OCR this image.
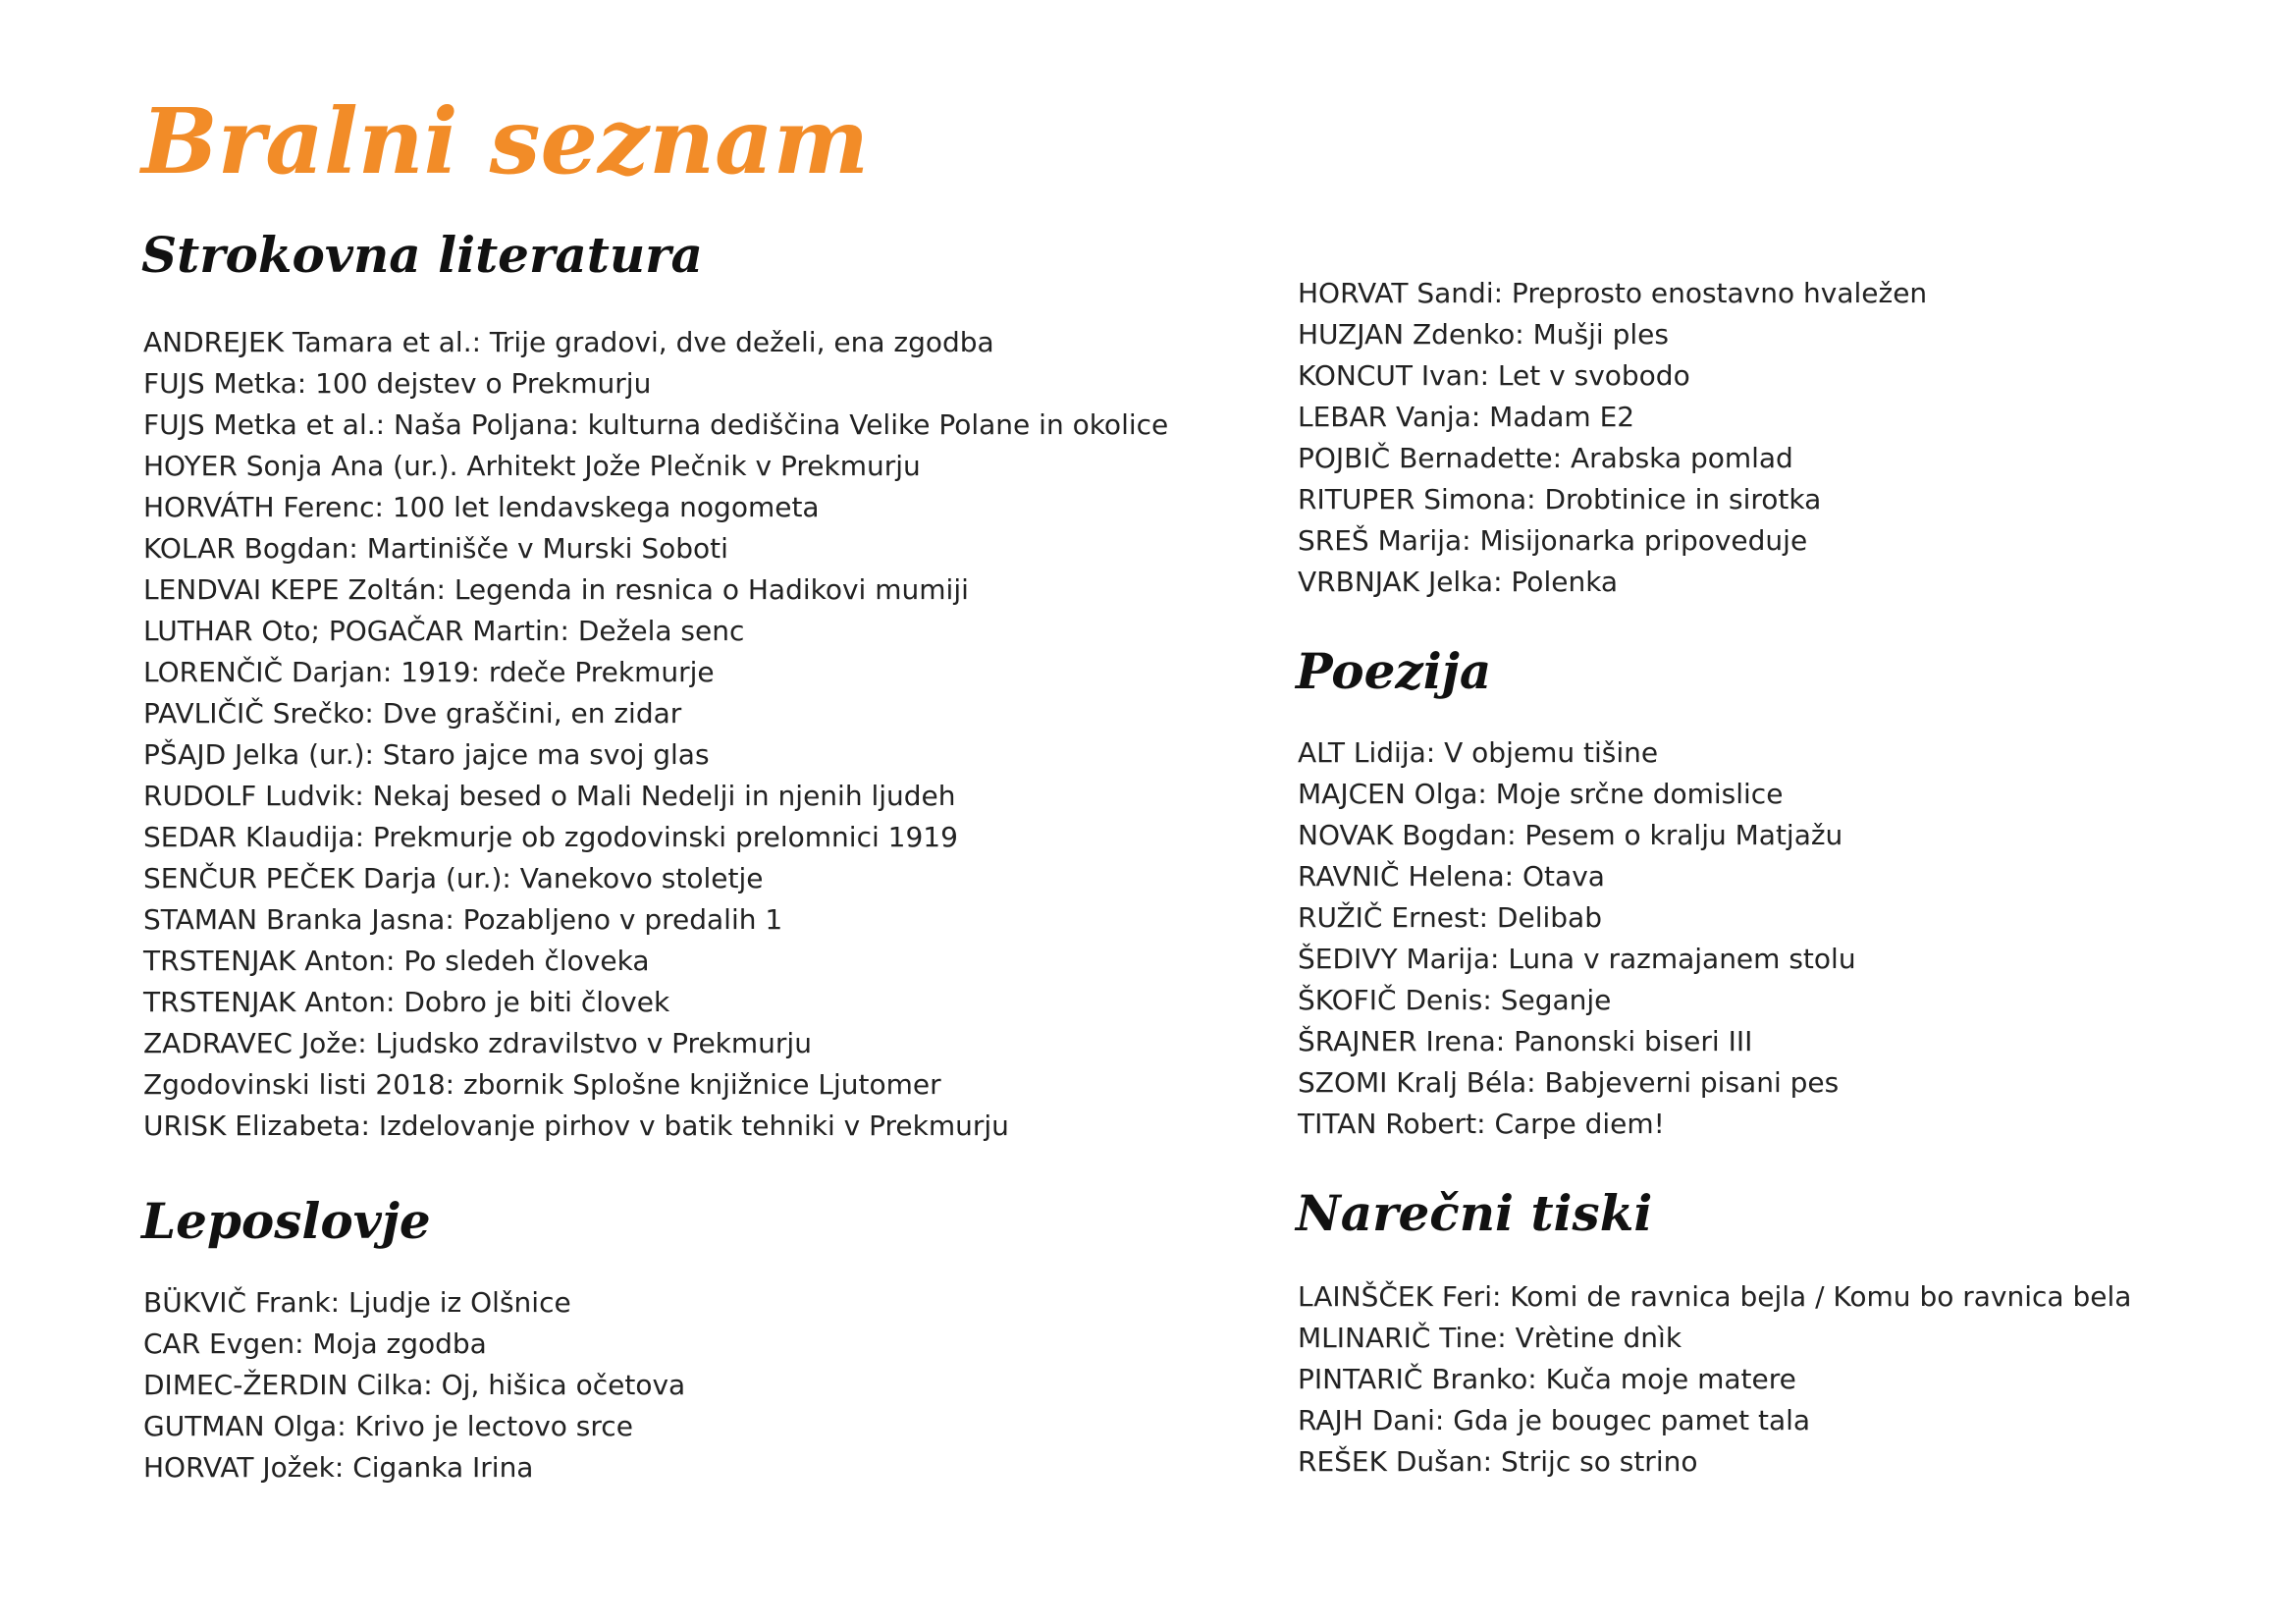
Bralni seznam
Strokovna literatura
ANDREJEK Tamara et al.: Trije gradovi, dve deželi, ena zgodba
FUJS Metka: 100 dejstev o Prekmurju
FUJS Metka et al.: Naša Poljana: kulturna dediščina Velike Polane in okolice
HOYER Sonja Ana (ur.). Arhitekt Jože Plečnik v Prekmurju
HORVÁTH Ferenc: 100 let lendavskega nogometa
KOLAR Bogdan: Martinišče v Murski Soboti
LENDVAI KEPE Zoltán: Legenda in resnica o Hadikovi mumiji
LUTHAR Oto; POGAČAR Martin: Dežela senc
LORENČIČ Darjan: 1919: rdeče Prekmurje
PAVLIČIČ Srečko: Dve graščini, en zidar
PŠAJD Jelka (ur.): Staro jajce ma svoj glas
RUDOLF Ludvik: Nekaj besed o Mali Nedelji in njenih ljudeh
SEDAR Klaudija: Prekmurje ob zgodovinski prelomnici 1919
SENČUR PEČEK Darja (ur.): Vanekovo stoletje
STAMAN Branka Jasna: Pozabljeno v predalih 1
TRSTENJAK Anton: Po sledeh človeka
TRSTENJAK Anton: Dobro je biti človek
ZADRAVEC Jože: Ljudsko zdravilstvo v Prekmurju
Zgodovinski listi 2018: zbornik Splošne knjižnice Ljutomer
URISK Elizabeta: Izdelovanje pirhov v batik tehniki v Prekmurju
Leposlovje
BÜKVIČ Frank: Ljudje iz Olšnice
CAR Evgen: Moja zgodba
DIMEC-ŽERDIN Cilka: Oj, hišica očetova
GUTMAN Olga: Krivo je lectovo srce
HORVAT Jožek: Ciganka Irina
HORVAT Sandi: Preprosto enostavno hvaležen
HUZJAN Zdenko: Mušji ples
KONCUT Ivan: Let v svobodo
LEBAR Vanja: Madam E2
POJBIČ Bernadette: Arabska pomlad
RITUPER Simona: Drobtinice in sirotka
SREŠ Marija: Misijonarka pripoveduje
VRBNJAK Jelka: Polenka
Poezija
ALT Lidija: V objemu tišine
MAJCEN Olga: Moje srčne domislice
NOVAK Bogdan: Pesem o kralju Matjažu
RAVNIČ Helena: Otava
RUŽIČ Ernest: Delibab
ŠEDIVY Marija: Luna v razmajanem stolu
ŠKOFIČ Denis: Seganje
ŠRAJNER Irena: Panonski biseri III
SZOMI Kralj Béla: Babjeverni pisani pes
TITAN Robert: Carpe diem!
Narečni tiski
LAINŠČEK Feri: Komi de ravnica bejla / Komu bo ravnica bela
MLINARIČ Tine: Vrètine dnìk
PINTARIČ Branko: Kuča moje matere
RAJH Dani: Gda je bougec pamet tala
REŠEK Dušan: Strijc so strino
